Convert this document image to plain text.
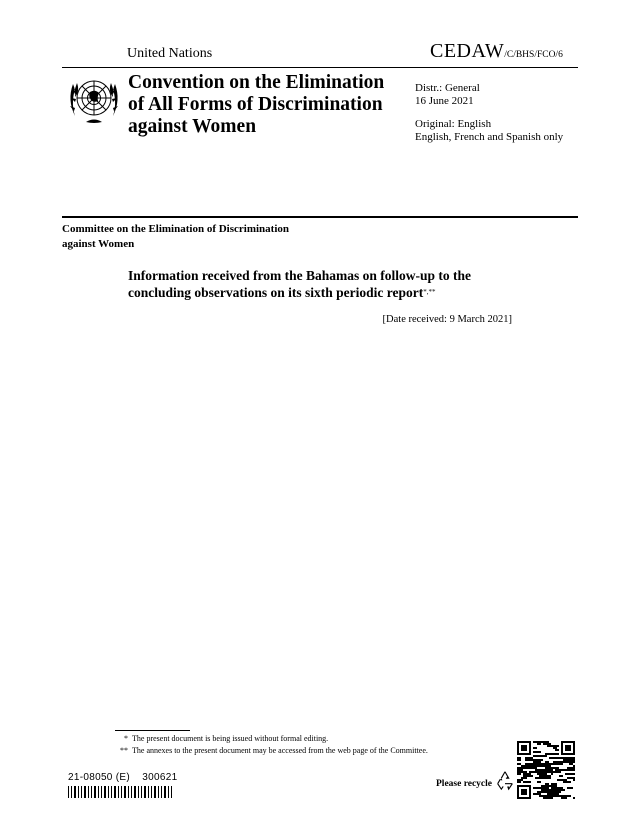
United Nations	CEDAW/C/BHS/FCO/6
Convention on the Elimination
of All Forms of Discrimination
against Women
Distr.: General
16 June 2021
Original: English
English, French and Spanish only
Committee on the Elimination of Discrimination
against Women
Information received from the Bahamas on follow-up to the
concluding observations on its sixth periodic report*,**
[Date received: 9 March 2021]
* The present document is being issued without formal editing.
** The annexes to the present document may be accessed from the web page of the Committee.
21-08050 (E)    300621
Please recycle
